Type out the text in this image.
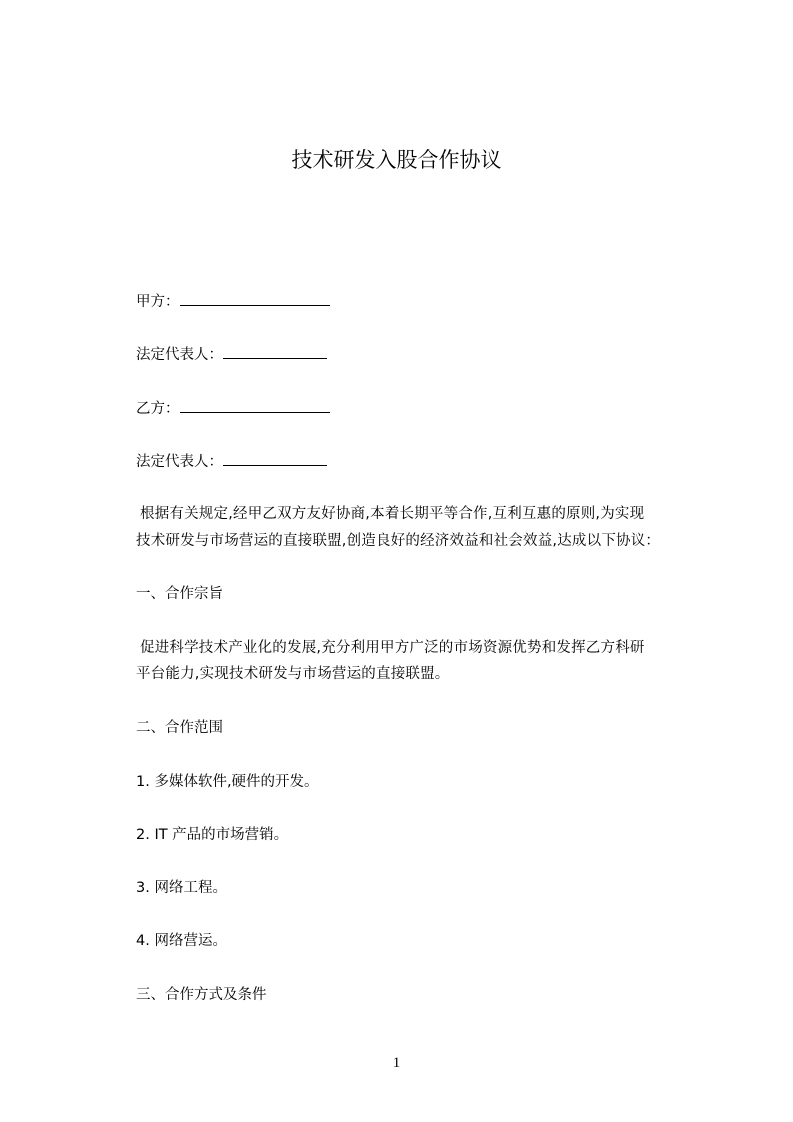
技术研发入股合作协议
甲方：
法定代表人：
乙方：
法定代表人：
根据有关规定,经甲乙双方友好协商,本着长期平等合作,互利互惠的原则,为实现
技术研发与市场营运的直接联盟,创造良好的经济效益和社会效益,达成以下协议：
一、合作宗旨
促进科学技术产业化的发展,充分利用甲方广泛的市场资源优势和发挥乙方科研
平台能力,实现技术研发与市场营运的直接联盟。
二、合作范围
1. 多媒体软件,硬件的开发。
2. IT 产品的市场营销。
3. 网络工程。
4. 网络营运。
三、合作方式及条件
1
